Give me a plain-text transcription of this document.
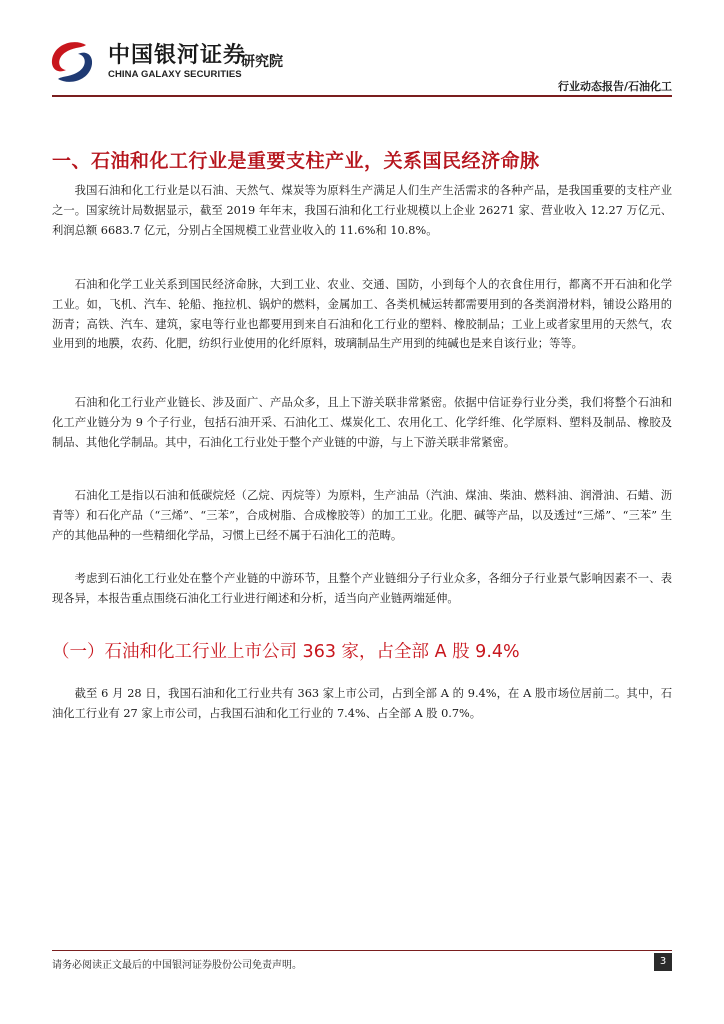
中国银河证券
CHINA GALAXY SECURITIES
研究院
行业动态报告/石油化工
一、石油和化工行业是重要支柱产业，关系国民经济命脉

我国石油和化工行业是以石油、天然气、煤炭等为原料生产满足人们生产生活需求的各种产品，是我国重要的支柱产业之一。国家统计局数据显示，截至 2019 年年末，我国石油和化工行业规模以上企业 26271 家、营业收入 12.27 万亿元、利润总额 6683.7 亿元，分别占全国规模工业营业收入的 11.6%和 10.8%。

石油和化学工业关系到国民经济命脉，大到工业、农业、交通、国防，小到每个人的衣食住用行，都离不开石油和化学工业。如，飞机、汽车、轮船、拖拉机、锅炉的燃料，金属加工、各类机械运转都需要用到的各类润滑材料，铺设公路用的沥青；高铁、汽车、建筑，家电等行业也都要用到来自石油和化工行业的塑料、橡胶制品；工业上或者家里用的天然气，农业用到的地膜，农药、化肥，纺织行业使用的化纤原料，玻璃制品生产用到的纯碱也是来自该行业；等等。

石油和化工行业产业链长、涉及面广、产品众多，且上下游关联非常紧密。依据中信证券行业分类，我们将整个石油和化工产业链分为 9 个子行业，包括石油开采、石油化工、煤炭化工、农用化工、化学纤维、化学原料、塑料及制品、橡胶及制品、其他化学制品。其中，石油化工行业处于整个产业链的中游，与上下游关联非常紧密。

石油化工是指以石油和低碳烷烃（乙烷、丙烷等）为原料，生产油品（汽油、煤油、柴油、燃料油、润滑油、石蜡、沥青等）和石化产品（“三烯”、“三苯”，合成树脂、合成橡胶等）的加工工业。化肥、碱等产品，以及透过“三烯”、“三苯” 生产的其他品种的一些精细化学品，习惯上已经不属于石油化工的范畴。

考虑到石油化工行业处在整个产业链的中游环节，且整个产业链细分子行业众多，各细分子行业景气影响因素不一、表现各异，本报告重点围绕石油化工行业进行阐述和分析，适当向产业链两端延伸。

（一）石油和化工行业上市公司 363 家，占全部 A 股 9.4%

截至 6 月 28 日，我国石油和化工行业共有 363 家上市公司，占到全部 A 的 9.4%，在 A 股市场位居前二。其中，石油化工行业有 27 家上市公司，占我国石油和化工行业的 7.4%、占全部 A 股 0.7%。

请务必阅读正文最后的中国银河证券股份公司免责声明。	3
